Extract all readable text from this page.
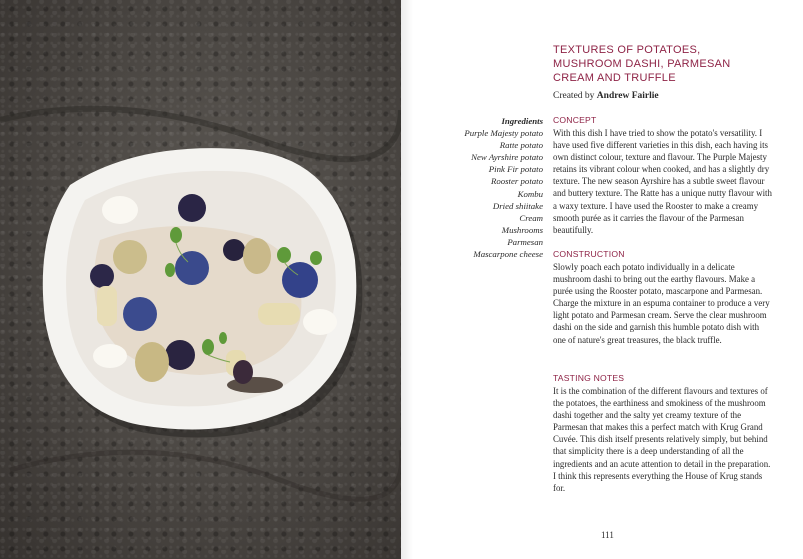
TEXTURES OF POTATOES,
MUSHROOM DASHI, PARMESAN
CREAM AND TRUFFLE
Created by Andrew Fairlie
Ingredients
Purple Majesty potato
Ratte potato
New Ayrshire potato
Pink Fir potato
Rooster potato
Kombu
Dried shiitake
Cream
Mushrooms
Parmesan
Mascarpone cheese
CONCEPT

With this dish I have tried to show the potato's versatility. I have used five different varieties in this dish, each having its own distinct colour, texture and flavour. The Purple Majesty retains its vibrant colour when cooked, and has a slightly dry texture. The new season Ayrshire has a subtle sweet flavour and buttery texture. The Ratte has a unique nutty flavour with a waxy texture. I have used the Rooster to make a creamy smooth purée as it carries the flavour of the Parmesan beautifully.

CONSTRUCTION

Slowly poach each potato individually in a delicate mushroom dashi to bring out the earthy flavours. Make a purée using the Rooster potato, mascarpone and Parmesan. Charge the mixture in an espuma container to produce a very light potato and Parmesan cream. Serve the clear mushroom dashi on the side and garnish this humble potato dish with one of nature's great treasures, the black truffle.

TASTING NOTES

It is the combination of the different flavours and textures of the potatoes, the earthiness and smokiness of the mushroom dashi together and the salty yet creamy texture of the Parmesan that makes this a perfect match with Krug Grand Cuvée. This dish itself presents relatively simply, but behind that simplicity there is a deep understanding of all the ingredients and an acute attention to detail in the preparation. I think this represents everything the House of Krug stands for.

111
